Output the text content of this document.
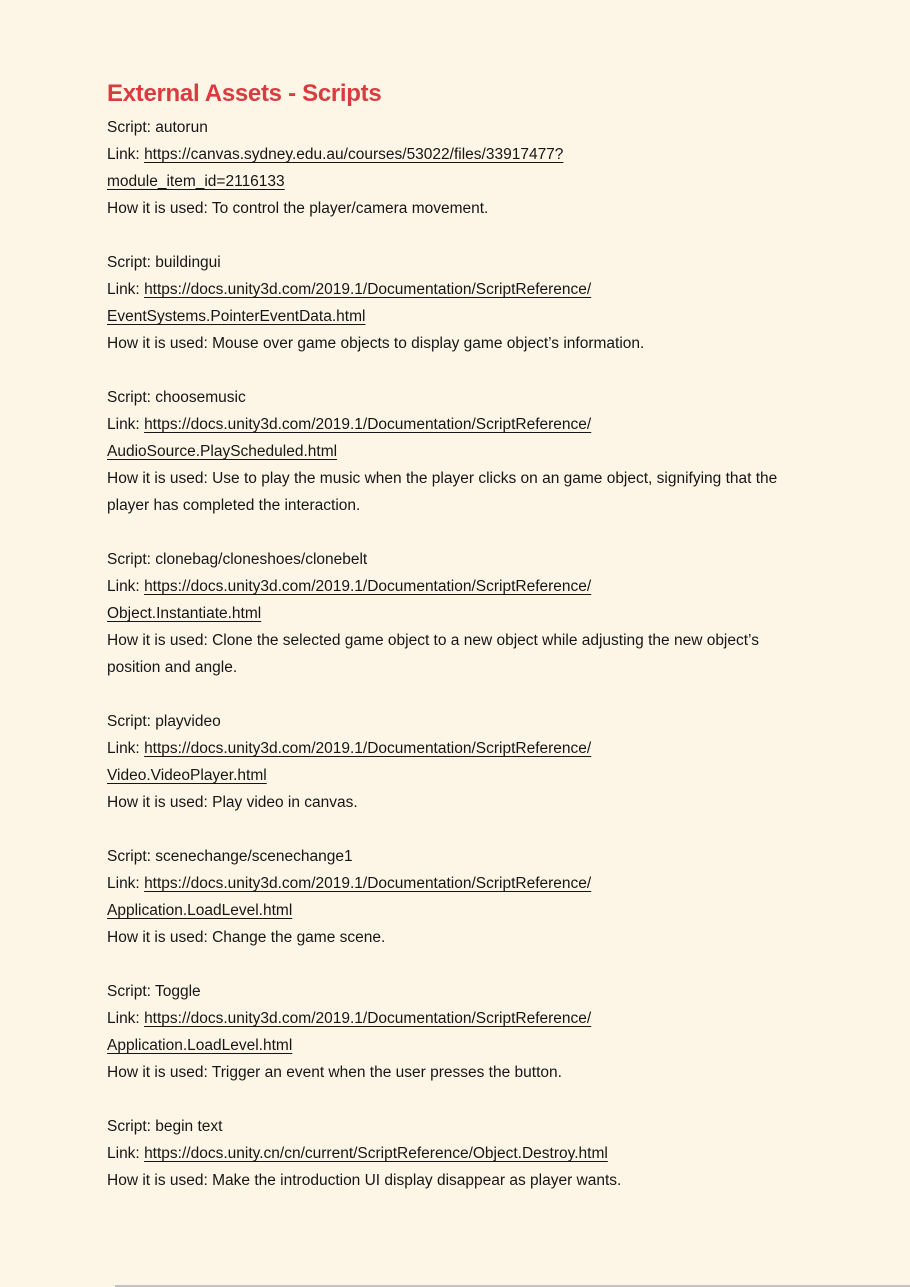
External Assets - Scripts

Script: autorun

Link: https://canvas.sydney.edu.au/courses/53022/files/33917477?
module_item_id=2116133

How it is used: To control the player/camera movement.

Script: buildingui

Link: https://docs.unity3d.com/2019.1/Documentation/ScriptReference/
EventSystems.PointerEventData.html

How it is used: Mouse over game objects to display game object’s information.

Script: choosemusic

Link: https://docs.unity3d.com/2019.1/Documentation/ScriptReference/
AudioSource.PlayScheduled.html

How it is used: Use to play the music when the player clicks on an game object, signifying that the player has completed the interaction.

Script: clonebag/cloneshoes/clonebelt

Link: https://docs.unity3d.com/2019.1/Documentation/ScriptReference/
Object.Instantiate.html

How it is used: Clone the selected game object to a new object while adjusting the new object’s position and angle.

Script: playvideo

Link: https://docs.unity3d.com/2019.1/Documentation/ScriptReference/
Video.VideoPlayer.html

How it is used: Play video in canvas.

Script: scenechange/scenechange1

Link: https://docs.unity3d.com/2019.1/Documentation/ScriptReference/
Application.LoadLevel.html

How it is used: Change the game scene.

Script: Toggle

Link: https://docs.unity3d.com/2019.1/Documentation/ScriptReference/
Application.LoadLevel.html

How it is used: Trigger an event when the user presses the button.

Script: begin text

Link: https://docs.unity.cn/cn/current/ScriptReference/Object.Destroy.html

How it is used: Make the introduction UI display disappear as player wants.
